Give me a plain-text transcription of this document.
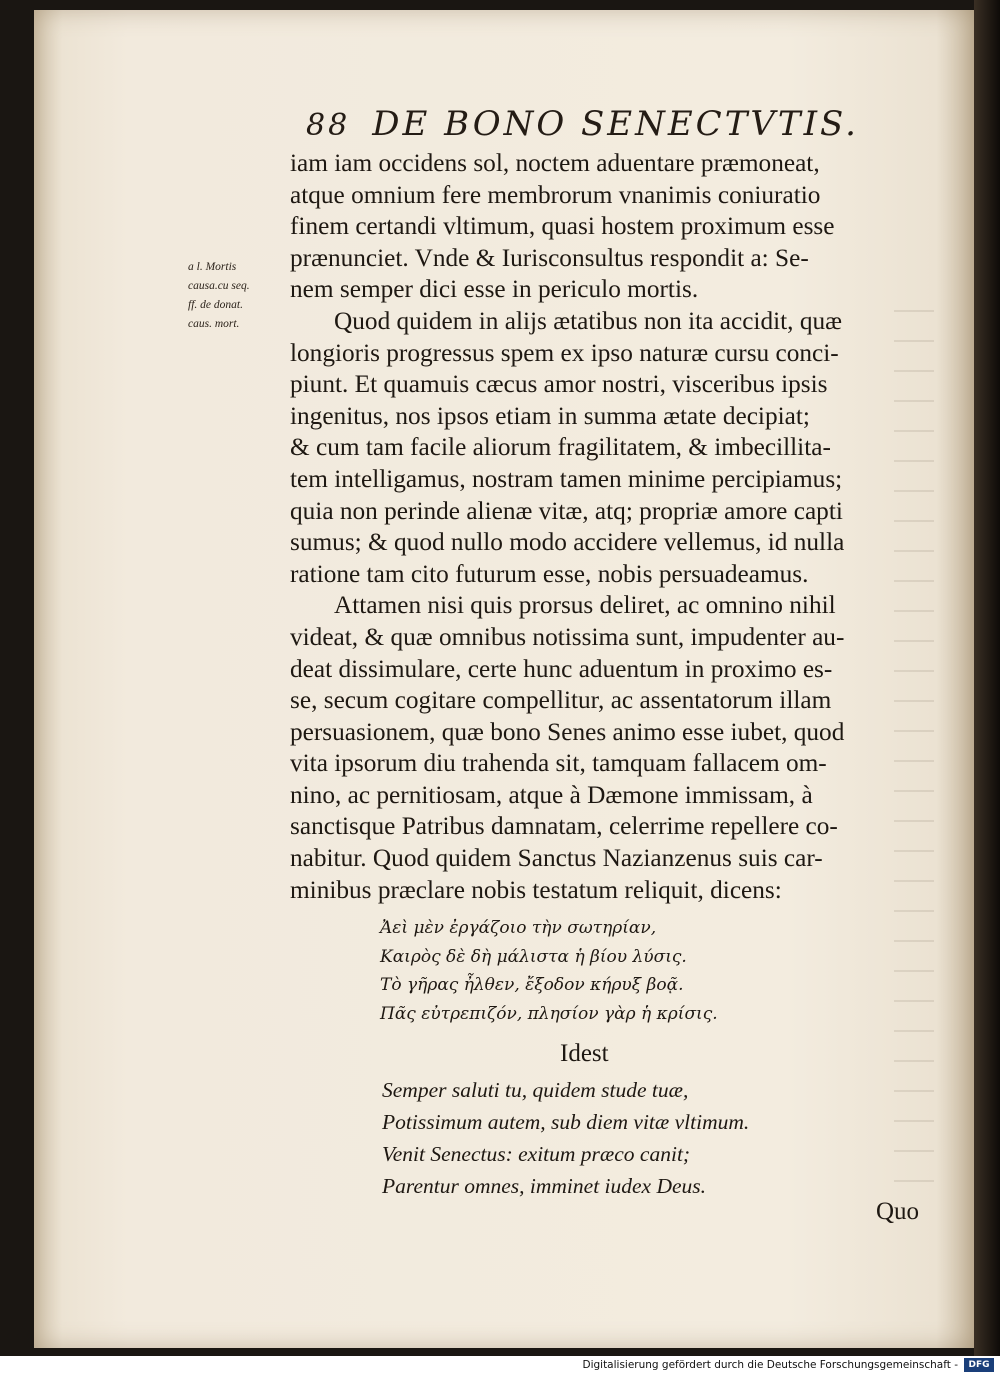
88 DE BONO SENECTVTIS.
a l. Mortis
causa.cu seq.
ff. de donat.
caus. mort.
iam iam occidens sol, noctem aduentare præmoneat,
atque omnium fere membrorum vnanimis coniuratio
finem certandi vltimum, quasi hostem proximum esse
prænunciet. Vnde & Iurisconsultus respondit a: Se-
nem semper dici esse in periculo mortis.
Quod quidem in alijs ætatibus non ita accidit, quæ
longioris progressus spem ex ipso naturæ cursu conci-
piunt. Et quamuis cæcus amor nostri, visceribus ipsis
ingenitus, nos ipsos etiam in summa ætate decipiat;
& cum tam facile aliorum fragilitatem, & imbecillita-
tem intelligamus, nostram tamen minime percipiamus;
quia non perinde alienæ vitæ, atq; propriæ amore capti
sumus; & quod nullo modo accidere vellemus, id nulla
ratione tam cito futurum esse, nobis persuadeamus.
Attamen nisi quis prorsus deliret, ac omnino nihil
videat, & quæ omnibus notissima sunt, impudenter au-
deat dissimulare, certe hunc aduentum in proximo es-
se, secum cogitare compellitur, ac assentatorum illam
persuasionem, quæ bono Senes animo esse iubet, quod
vita ipsorum diu trahenda sit, tamquam fallacem om-
nino, ac pernitiosam, atque à Dæmone immissam, à
sanctisque Patribus damnatam, celerrime repellere co-
nabitur. Quod quidem Sanctus Nazianzenus suis car-
minibus præclare nobis testatum reliquit, dicens:
Ἀεὶ μὲν ἐργάζοιο τὴν σωτηρίαν,
Καιρὸς δὲ δὴ μάλιστα ἡ βίου λύσις.
Τὸ γῆρας ἦλθεν, ἔξοδον κήρυξ βοᾷ.
Πᾶς εὐτρεπιζόν, πλησίον γὰρ ἡ κρίσις.
Idest
Semper saluti tu, quidem stude tuæ,
Potissimum autem, sub diem vitæ vltimum.
Venit Senectus: exitum præco canit;
Parentur omnes, imminet iudex Deus.
Quo
Digitalisierung gefördert durch die Deutsche Forschungsgemeinschaft -	DFG
